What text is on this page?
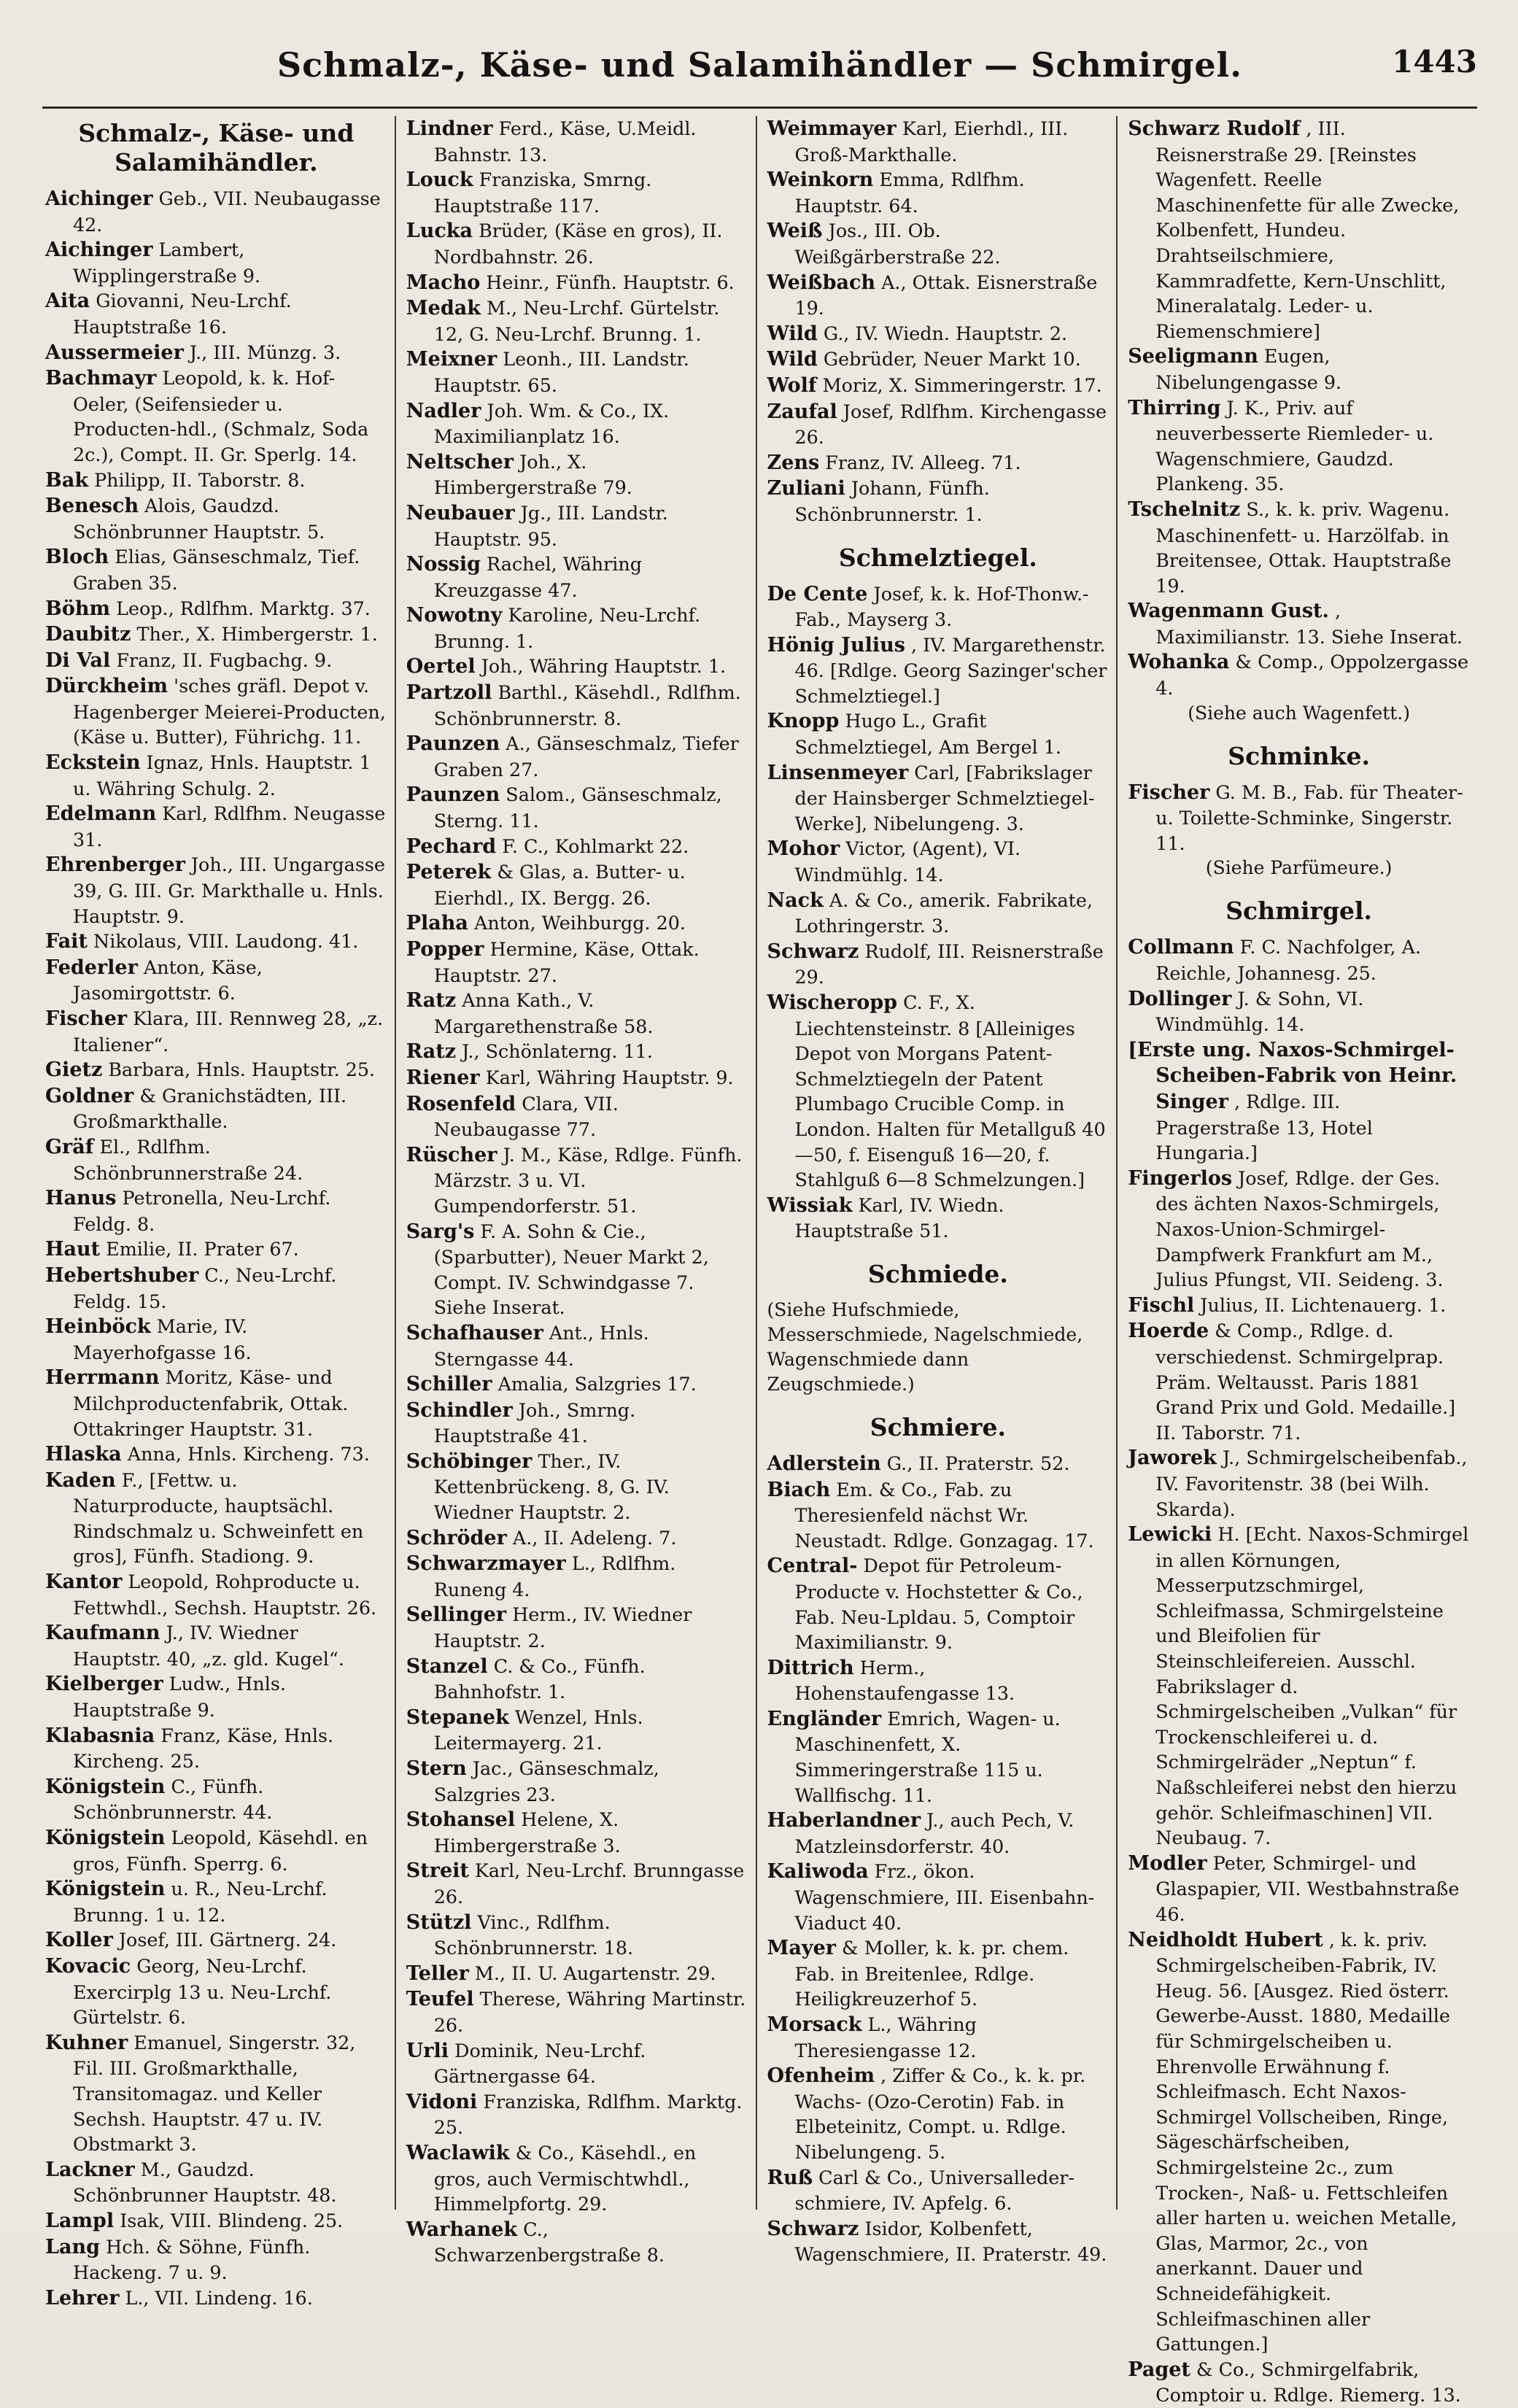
Schmalz-, Käse- und Salamihändler — Schmirgel.	1443
Schmalz-, Käse- und Salamihändler.

Aichinger Geb., VII. Neubaugasse 42.

Aichinger Lambert, Wipplingerstraße 9.

Aita Giovanni, Neu-Lrchf. Hauptstraße 16.

Aussermeier J., III. Münzg. 3.

Bachmayr Leopold, k. k. Hof-Oeler, (Seifensieder u. Producten-hdl., (Schmalz, Soda 2c.), Compt. II. Gr. Sperlg. 14.

Bak Philipp, II. Taborstr. 8.

Benesch Alois, Gaudzd. Schönbrunner Hauptstr. 5.

Bloch Elias, Gänseschmalz, Tief. Graben 35.

Böhm Leop., Rdlfhm. Marktg. 37.

Daubitz Ther., X. Himbergerstr. 1.

Di Val Franz, II. Fugbachg. 9.

Dürckheim 'sches gräfl. Depot v. Hagenberger Meierei-Producten, (Käse u. Butter), Führichg. 11.

Eckstein Ignaz, Hnls. Hauptstr. 1 u. Währing Schulg. 2.

Edelmann Karl, Rdlfhm. Neugasse 31.

Ehrenberger Joh., III. Ungargasse 39, G. III. Gr. Markthalle u. Hnls. Hauptstr. 9.

Fait Nikolaus, VIII. Laudong. 41.

Federler Anton, Käse, Jasomirgottstr. 6.

Fischer Klara, III. Rennweg 28, „z. Italiener“.

Gietz Barbara, Hnls. Hauptstr. 25.

Goldner & Granichstädten, III. Großmarkthalle.

Gräf El., Rdlfhm. Schönbrunnerstraße 24.

Hanus Petronella, Neu-Lrchf. Feldg. 8.

Haut Emilie, II. Prater 67.

Hebertshuber C., Neu-Lrchf. Feldg. 15.

Heinböck Marie, IV. Mayerhofgasse 16.

Herrmann Moritz, Käse- und Milchproductenfabrik, Ottak. Ottakringer Hauptstr. 31.

Hlaska Anna, Hnls. Kircheng. 73.

Kaden F., [Fettw. u. Naturproducte, hauptsächl. Rindschmalz u. Schweinfett en gros], Fünfh. Stadiong. 9.

Kantor Leopold, Rohproducte u. Fettwhdl., Sechsh. Hauptstr. 26.

Kaufmann J., IV. Wiedner Hauptstr. 40, „z. gld. Kugel“.

Kielberger Ludw., Hnls. Hauptstraße 9.

Klabasnia Franz, Käse, Hnls. Kircheng. 25.

Königstein C., Fünfh. Schönbrunnerstr. 44.

Königstein Leopold, Käsehdl. en gros, Fünfh. Sperrg. 6.

Königstein u. R., Neu-Lrchf. Brunng. 1 u. 12.

Koller Josef, III. Gärtnerg. 24.

Kovacic Georg, Neu-Lrchf. Exercirplg 13 u. Neu-Lrchf. Gürtelstr. 6.

Kuhner Emanuel, Singerstr. 32, Fil. III. Großmarkthalle, Transitomagaz. und Keller Sechsh. Hauptstr. 47 u. IV. Obstmarkt 3.

Lackner M., Gaudzd. Schönbrunner Hauptstr. 48.

Lampl Isak, VIII. Blindeng. 25.

Lang Hch. & Söhne, Fünfh. Hackeng. 7 u. 9.

Lehrer L., VII. Lindeng. 16.

Lindner Ferd., Käse, U.Meidl. Bahnstr. 13.

Louck Franziska, Smrng. Hauptstraße 117.

Lucka Brüder, (Käse en gros), II. Nordbahnstr. 26.

Macho Heinr., Fünfh. Hauptstr. 6.

Medak M., Neu-Lrchf. Gürtelstr. 12, G. Neu-Lrchf. Brunng. 1.

Meixner Leonh., III. Landstr. Hauptstr. 65.

Nadler Joh. Wm. & Co., IX. Maximilianplatz 16.

Neltscher Joh., X. Himbergerstraße 79.

Neubauer Jg., III. Landstr. Hauptstr. 95.

Nossig Rachel, Währing Kreuzgasse 47.

Nowotny Karoline, Neu-Lrchf. Brunng. 1.

Oertel Joh., Währing Hauptstr. 1.

Partzoll Barthl., Käsehdl., Rdlfhm. Schönbrunnerstr. 8.

Paunzen A., Gänseschmalz, Tiefer Graben 27.

Paunzen Salom., Gänseschmalz, Sterng. 11.

Pechard F. C., Kohlmarkt 22.

Peterek & Glas, a. Butter- u. Eierhdl., IX. Bergg. 26.

Plaha Anton, Weihburgg. 20.

Popper Hermine, Käse, Ottak. Hauptstr. 27.

Ratz Anna Kath., V. Margarethenstraße 58.

Ratz J., Schönlaterng. 11.

Riener Karl, Währing Hauptstr. 9.

Rosenfeld Clara, VII. Neubaugasse 77.

Rüscher J. M., Käse, Rdlge. Fünfh. Märzstr. 3 u. VI. Gumpendorferstr. 51.

Sarg's F. A. Sohn & Cie., (Sparbutter), Neuer Markt 2, Compt. IV. Schwindgasse 7. Siehe Inserat.

Schafhauser Ant., Hnls. Sterngasse 44.

Schiller Amalia, Salzgries 17.

Schindler Joh., Smrng. Hauptstraße 41.

Schöbinger Ther., IV. Kettenbrückeng. 8, G. IV. Wiedner Hauptstr. 2.

Schröder A., II. Adeleng. 7.

Schwarzmayer L., Rdlfhm. Runeng 4.

Sellinger Herm., IV. Wiedner Hauptstr. 2.

Stanzel C. & Co., Fünfh. Bahnhofstr. 1.

Stepanek Wenzel, Hnls. Leitermayerg. 21.

Stern Jac., Gänseschmalz, Salzgries 23.

Stohansel Helene, X. Himbergerstraße 3.

Streit Karl, Neu-Lrchf. Brunngasse 26.

Stützl Vinc., Rdlfhm. Schönbrunnerstr. 18.

Teller M., II. U. Augartenstr. 29.

Teufel Therese, Währing Martinstr. 26.

Urli Dominik, Neu-Lrchf. Gärtnergasse 64.

Vidoni Franziska, Rdlfhm. Marktg. 25.

Waclawik & Co., Käsehdl., en gros, auch Vermischtwhdl., Himmelpfortg. 29.

Warhanek C., Schwarzenbergstraße 8.

Weimmayer Karl, Eierhdl., III. Groß-Markthalle.

Weinkorn Emma, Rdlfhm. Hauptstr. 64.

Weiß Jos., III. Ob. Weißgärberstraße 22.

Weißbach A., Ottak. Eisnerstraße 19.

Wild G., IV. Wiedn. Hauptstr. 2.

Wild Gebrüder, Neuer Markt 10.

Wolf Moriz, X. Simmeringerstr. 17.

Zaufal Josef, Rdlfhm. Kirchengasse 26.

Zens Franz, IV. Alleeg. 71.

Zuliani Johann, Fünfh. Schönbrunnerstr. 1.

Schmelztiegel.

De Cente Josef, k. k. Hof-Thonw.-Fab., Mayserg 3.

Hönig Julius , IV. Margarethenstr. 46. [Rdlge. Georg Sazinger'scher Schmelztiegel.]

Knopp Hugo L., Grafit Schmelztiegel, Am Bergel 1.

Linsenmeyer Carl, [Fabrikslager der Hainsberger Schmelztiegel-Werke], Nibelungeng. 3.

Mohor Victor, (Agent), VI. Windmühlg. 14.

Nack A. & Co., amerik. Fabrikate, Lothringerstr. 3.

Schwarz Rudolf, III. Reisnerstraße 29.

Wischeropp C. F., X. Liechtensteinstr. 8 [Alleiniges Depot von Morgans Patent-Schmelztiegeln der Patent Plumbago Crucible Comp. in London. Halten für Metallguß 40—50, f. Eisenguß 16—20, f. Stahlguß 6—8 Schmelzungen.]

Wissiak Karl, IV. Wiedn. Hauptstraße 51.

Schmiede.

(Siehe Hufschmiede, Messerschmiede, Nagelschmiede, Wagenschmiede dann Zeugschmiede.)

Schmiere.

Adlerstein G., II. Praterstr. 52.

Biach Em. & Co., Fab. zu Theresienfeld nächst Wr. Neustadt. Rdlge. Gonzagag. 17.

Central- Depot für Petroleum-Producte v. Hochstetter & Co., Fab. Neu-Lpldau. 5, Comptoir Maximilianstr. 9.

Dittrich Herm., Hohenstaufengasse 13.

Engländer Emrich, Wagen- u. Maschinenfett, X. Simmeringerstraße 115 u. Wallfischg. 11.

Haberlandner J., auch Pech, V. Matzleinsdorferstr. 40.

Kaliwoda Frz., ökon. Wagenschmiere, III. Eisenbahn-Viaduct 40.

Mayer & Moller, k. k. pr. chem. Fab. in Breitenlee, Rdlge. Heiligkreuzerhof 5.

Morsack L., Währing Theresiengasse 12.

Ofenheim , Ziffer & Co., k. k. pr. Wachs- (Ozo-Cerotin) Fab. in Elbeteinitz, Compt. u. Rdlge. Nibelungeng. 5.

Ruß Carl & Co., Universalleder-schmiere, IV. Apfelg. 6.

Schwarz Isidor, Kolbenfett, Wagenschmiere, II. Praterstr. 49.

Schwarz Rudolf , III. Reisnerstraße 29. [Reinstes Wagenfett. Reelle Maschinenfette für alle Zwecke, Kolbenfett, Hundeu. Drahtseilschmiere, Kammradfette, Kern-Unschlitt, Mineralatalg. Leder- u. Riemenschmiere]

Seeligmann Eugen, Nibelungengasse 9.

Thirring J. K., Priv. auf neuverbesserte Riemleder- u. Wagenschmiere, Gaudzd. Plankeng. 35.

Tschelnitz S., k. k. priv. Wagenu. Maschinenfett- u. Harzölfab. in Breitensee, Ottak. Hauptstraße 19.

Wagenmann Gust. , Maximilianstr. 13. Siehe Inserat.

Wohanka & Comp., Oppolzergasse 4.

(Siehe auch Wagenfett.)
Schminke.

Fischer G. M. B., Fab. für Theater- u. Toilette-Schminke, Singerstr. 11.

(Siehe Parfümeure.)
Schmirgel.

Collmann F. C. Nachfolger, A. Reichle, Johannesg. 25.

Dollinger J. & Sohn, VI. Windmühlg. 14.

[Erste ung. Naxos-Schmirgel-Scheiben-Fabrik von Heinr. Singer , Rdlge. III. Pragerstraße 13, Hotel Hungaria.]

Fingerlos Josef, Rdlge. der Ges. des ächten Naxos-Schmirgels, Naxos-Union-Schmirgel-Dampfwerk Frankfurt am M., Julius Pfungst, VII. Seideng. 3.

Fischl Julius, II. Lichtenauerg. 1.

Hoerde & Comp., Rdlge. d. verschiedenst. Schmirgelprap. Präm. Weltausst. Paris 1881 Grand Prix und Gold. Medaille.] II. Taborstr. 71.

Jaworek J., Schmirgelscheibenfab., IV. Favoritenstr. 38 (bei Wilh. Skarda).

Lewicki H. [Echt. Naxos-Schmirgel in allen Körnungen, Messerputzschmirgel, Schleifmassa, Schmirgelsteine und Bleifolien für Steinschleifereien. Ausschl. Fabrikslager d. Schmirgelscheiben „Vulkan“ für Trockenschleiferei u. d. Schmirgelräder „Neptun“ f. Naßschleiferei nebst den hierzu gehör. Schleifmaschinen] VII. Neubaug. 7.

Modler Peter, Schmirgel- und Glaspapier, VII. Westbahnstraße 46.

Neidholdt Hubert , k. k. priv. Schmirgelscheiben-Fabrik, IV. Heug. 56. [Ausgez. Ried österr. Gewerbe-Ausst. 1880, Medaille für Schmirgelscheiben u. Ehrenvolle Erwähnung f. Schleifmasch. Echt Naxos-Schmirgel Vollscheiben, Ringe, Sägeschärfscheiben, Schmirgelsteine 2c., zum Trocken-, Naß- u. Fettschleifen aller harten u. weichen Metalle, Glas, Marmor, 2c., von anerkannt. Dauer und Schneidefähigkeit. Schleifmaschinen aller Gattungen.]

Paget & Co., Schmirgelfabrik, Comptoir u. Rdlge. Riemerg. 13.
